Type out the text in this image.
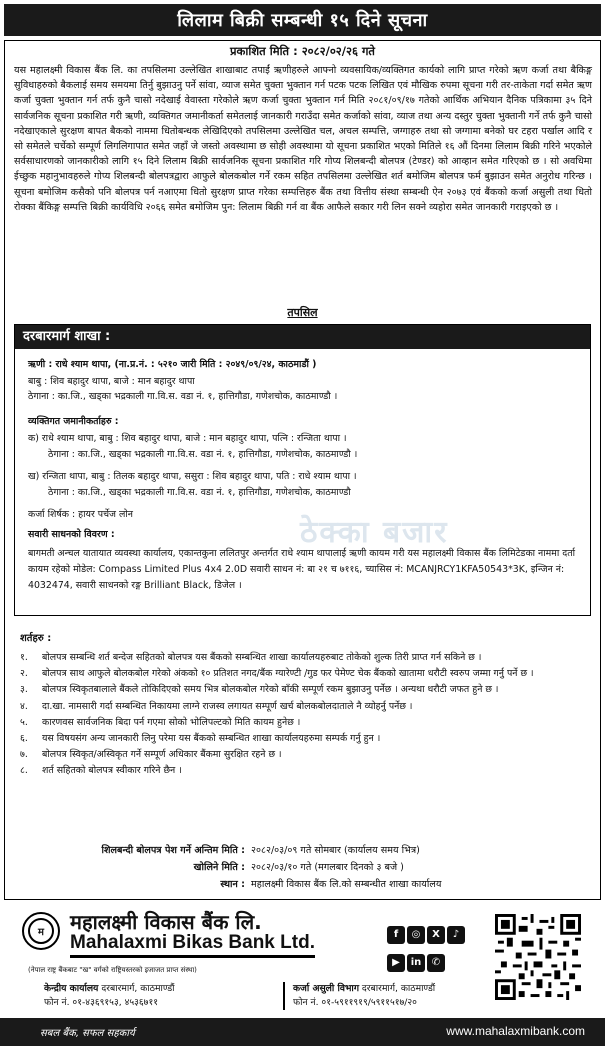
लिलाम बिक्री सम्बन्धी १५ दिने सूचना
प्रकाशित मिति : २०८२/०२/२६ गते
यस महालक्ष्मी विकास बैंक लि. का तपसिलमा उल्लेखित शाखाबाट तपाईं ऋणीहरुले आफ्नो व्यवसायिक/व्यक्तिगत कार्यको लागि प्राप्त गरेको ऋण कर्जा तथा बैकिङ्ग सुविधाहरुको बैकलाई समय समयमा तिर्नु बुझाउनु पर्ने सांवा, व्याज समेत चुक्ता भुक्तान गर्न पटक पटक लिखित एवं मौखिक रुपमा सूचना गरी तर-ताकेता गर्दा समेत ऋण कर्जा चुक्ता भुक्तान गर्न तर्फ कुनै चासो नदेखाई वेवास्ता गरेकोले ऋण कर्जा चुक्ता भुक्तान गर्न मिति २०८१/०९/१७ गतेको आर्थिक अभियान दैनिक पत्रिकामा ३५ दिने सार्वजनिक सूचना प्रकाशित गरी ऋणी, व्यक्तिगत जमानीकर्ता समेतलाई जानकारी गराउँदा समेत कर्जाको सांवा, व्याज तथा अन्य दस्तुर चुक्ता भुक्तानी गर्ने तर्फ कुनै चासो नदेखाएकाले सुरक्षण बापत बैकको नाममा धितोबन्धक लेखिदिएको तपसिलमा उल्लेखित चल, अचल सम्पत्ति, जग्गाहरु तथा सो जग्गामा बनेको घर टहरा पर्खाल आदि र सो समेतले चर्चेको सम्पूर्ण लिगलिगापात समेत जहाँ जे जस्तो अवस्थामा छ सोही अवस्थामा यो सूचना प्रकाशित भएको मितिले १६ औं दिनमा लिलाम बिक्री गरिने भएकोले सर्वसाधारणको जानकारीको लागि १५ दिने लिलाम बिक्री सार्वजनिक सूचना प्रकाशित गरि गोप्य शिलबन्दी बोलपत्र (टेण्डर) को आव्हान समेत गरिएको छ । सो अवधिमा ईच्छुक महानुभावहरुले गोप्य शिलबन्दी बोलपत्रद्वारा आफुले बोलकबोल गर्ने रकम सहित तपसिलमा उल्लेखित शर्त बमोजिम बोलपत्र फर्म बुझाउन समेत अनुरोध गरिन्छ । सूचना बमोजिम कसैको पनि बोलपत्र पर्न नआएमा धितो सुरक्षण प्राप्त गरेका सम्पत्तिहरु बैंक तथा वित्तीय संस्था सम्बन्धी ऐन २०७३ एवं बैंकको कर्जा असुली तथा धितो रोक्का बैंकिङ्ग सम्पत्ति बिक्री कार्यविधि २०६६ समेत बमोजिम पुन: लिलाम बिक्री गर्न वा बैंक आफैले सकार गरी लिन सक्ने व्यहोरा समेत जानकारी गराइएको छ ।
तपसिल
दरबारमार्ग शाखा :
ठेक्का बजार
ऋणी : राधे श्याम थापा, (ना.प्र.नं. : ५२१० जारी मिति : २०४९/०९/२४, काठमाडौं )
बाबु : शिव बहादुर थापा, बाजे : मान बहादुर थापा
ठेगाना : का.जि., खड्का भद्रकाली गा.वि.स. वडा नं. १, हात्तिगौडा, गणेशचोक, काठमाण्डौ ।
व्यक्तिगत जमानीकर्ताहरु :
क) राधे श्याम थापा, बाबु : शिव बहादुर थापा, बाजे : मान बहादुर थापा, पत्नि : रन्जिता थापा ।
ठेगाना : का.जि., खड्का भद्रकाली गा.वि.स. वडा नं. १, हात्तिगौडा, गणेशचोक, काठमाण्डौ ।
ख) रन्जिता थापा, बाबु : तिलक बहादुर थापा, ससुरा : शिव बहादुर थापा, पति : राधे श्याम थापा ।
ठेगाना : का.जि., खड्का भद्रकाली गा.वि.स. वडा नं. १, हात्तिगौडा, गणेशचोक, काठमाण्डौ
कर्जा शिर्षक : हायर पर्चेज लोन
सवारी साधनको विवरण :
बागमती अन्चल यातायात व्यवस्था कार्यालय, एकान्तकुना ललितपुर अन्तर्गत राधे श्याम थापालाई ऋणी कायम गरी यस महालक्ष्मी विकास बैंक लिमिटेडका नाममा दर्ता कायम रहेको मोडेल: Compass Limited Plus 4x4 2.0D सवारी साधन नं: बा २१ च ७११६, च्यासिस नं: MCANJRCY1KFA50543*3K, इन्जिन नं: 4032474, सवारी साधनको रङ्ग Brilliant Black, डिजेल ।
शर्तहरु :
१.	बोलपत्र सम्बन्धि शर्त बन्देज सहितको बोलपत्र यस बैंकको सम्बन्धित शाखा कार्यालयहरुबाट तोकेको शुल्क तिरी प्राप्त गर्न सकिने छ ।
२.	बोलपत्र साथ आफुले बोलकबोल गरेको अंकको १० प्रतिशत नगद/बैंक ग्यारेण्टी /गुड फर पेमेण्ट चेक बैंकको खातामा धरौटी स्वरुप जम्मा गर्नु पर्ने छ ।
३.	बोलपत्र स्विकृतबालाले बैंकले तोकिदिएको समय भित्र बोलकबोल गरेको बाँकी सम्पूर्ण रकम बुझाउनु पर्नेछ । अन्यथा धरौटी जफत हुने छ ।
४.	दा.खा. नामसारी गर्दा सम्बन्धित निकायमा लाग्ने राजस्व लगायत सम्पूर्ण खर्च बोलकबोलदाताले नै व्योहर्नु पर्नेछ ।
५.	कारणवस सार्वजनिक बिदा पर्न गएमा सोको भोलिपल्टको मिति कायम हुनेछ ।
६.	यस विषयसंग अन्य जानकारी लिनु परेमा यस बैंकको सम्बन्धित शाखा कार्यालयहरुमा सम्पर्क गर्नु हुन ।
७.	बोलपत्र स्विकृत/अस्विकृत गर्ने सम्पूर्ण अधिकार बैंकमा सुरक्षित रहने छ ।
८.	शर्त सहितको बोलपत्र स्वीकार गरिने छैन ।
शिलबन्दी बोलपत्र पेश गर्ने अन्तिम मिति : २०८२/०३/०९ गते सोमबार (कार्यालय समय भित्र)
खोलिने मिति : २०८२/०३/१० गते (मगलबार दिनको ३ बजे )
स्थान : महालक्ष्मी विकास बैंक लि.को सम्बन्धीत शाखा कार्यालय
म	महालक्ष्मी विकास बैंक लि.
Mahalaxmi Bikas Bank Ltd.
(नेपाल राष्ट्र बैंकबाट "ख" वर्गको राष्ट्रियस्तरको इजाजत प्राप्त संस्था)
केन्द्रीय कार्यालय दरबारमार्ग, काठमाण्डौं
फोन नं. ०१-४३६९१५३, ४५३६७११
कर्जा असुली विभाग दरबारमार्ग, काठमाण्डौं
फोन नं. ०१-५९११९१९/५९११५१७/२०
f ◎ X ♪ ▶ in ✆
सबल बैंक, सफल सहकार्य	www.mahalaxmibank.com
